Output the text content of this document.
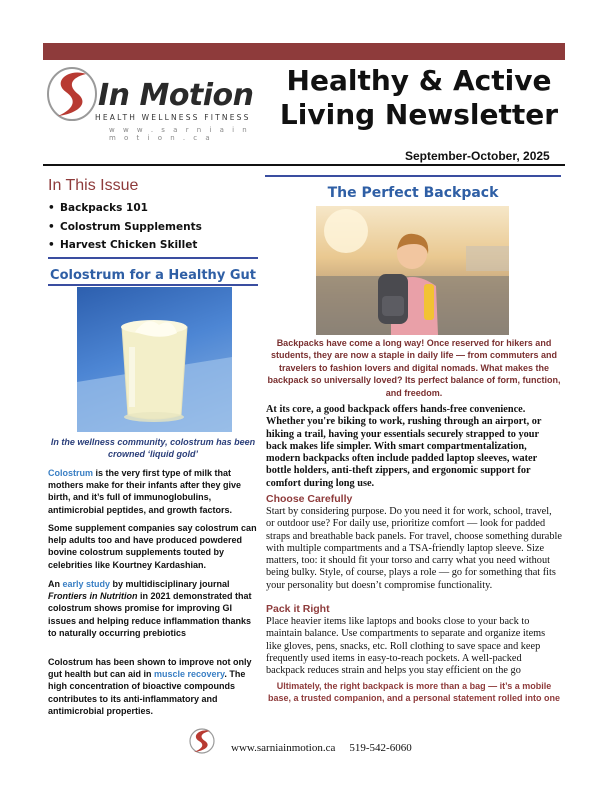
In Motion
HEALTH WELLNESS FITNESS
w w w . s a r n i a i n m o t i o n . c a
Healthy & Active
Living Newsletter
September-October, 2025
In This Issue
• Backpacks 101
• Colostrum Supplements
• Harvest Chicken Skillet
Colostrum for a Healthy Gut
In the wellness community, colostrum has been
crowned ‘liquid gold’

Colostrum is the very first type of milk that mothers make for their infants after they give birth, and it’s full of immunoglobulins, antimicrobial peptides, and growth factors.

Some supplement companies say colostrum can help adults too and have produced powdered bovine colostrum supplements touted by celebrities like Kourtney Kardashian.

An early study by multidisciplinary journal Frontiers in Nutrition in 2021 demonstrated that colostrum shows promise for improving GI issues and helping reduce inflammation thanks to naturally occurring prebiotics

Colostrum has been shown to improve not only gut health but can aid in muscle recovery. The high concentration of bioactive compounds contributes to its anti-inflammatory and antimicrobial properties.

The Perfect Backpack
Backpacks have come a long way! Once reserved for hikers and students, they are now a staple in daily life — from commuters and travelers to fashion lovers and digital nomads. What makes the backpack so universally loved? Its perfect balance of form, function, and freedom.

At its core, a good backpack offers hands-free convenience. Whether you're biking to work, rushing through an airport, or hiking a trail, having your essentials securely strapped to your back makes life simpler. With smart compartmentalization, modern backpacks often include padded laptop sleeves, water bottle holders, anti-theft zippers, and ergonomic support for comfort during long use.

Choose Carefully

Start by considering purpose. Do you need it for work, school, travel, or outdoor use? For daily use, prioritize comfort — look for padded straps and breathable back panels. For travel, choose something durable with multiple compartments and a TSA-friendly laptop sleeve. Size matters, too: it should fit your torso and carry what you need without being bulky. Style, of course, plays a role — go for something that fits your personality but doesn’t compromise functionality.

Pack it Right

Place heavier items like laptops and books close to your back to maintain balance. Use compartments to separate and organize items like gloves, pens, snacks, etc. Roll clothing to save space and keep frequently used items in easy-to-reach pockets. A well-packed backpack reduces strain and helps you stay efficient on the go

Ultimately, the right backpack is more than a bag — it’s a mobile base, a trusted companion, and a personal statement rolled into one
www.sarniainmotion.ca 519-542-6060
